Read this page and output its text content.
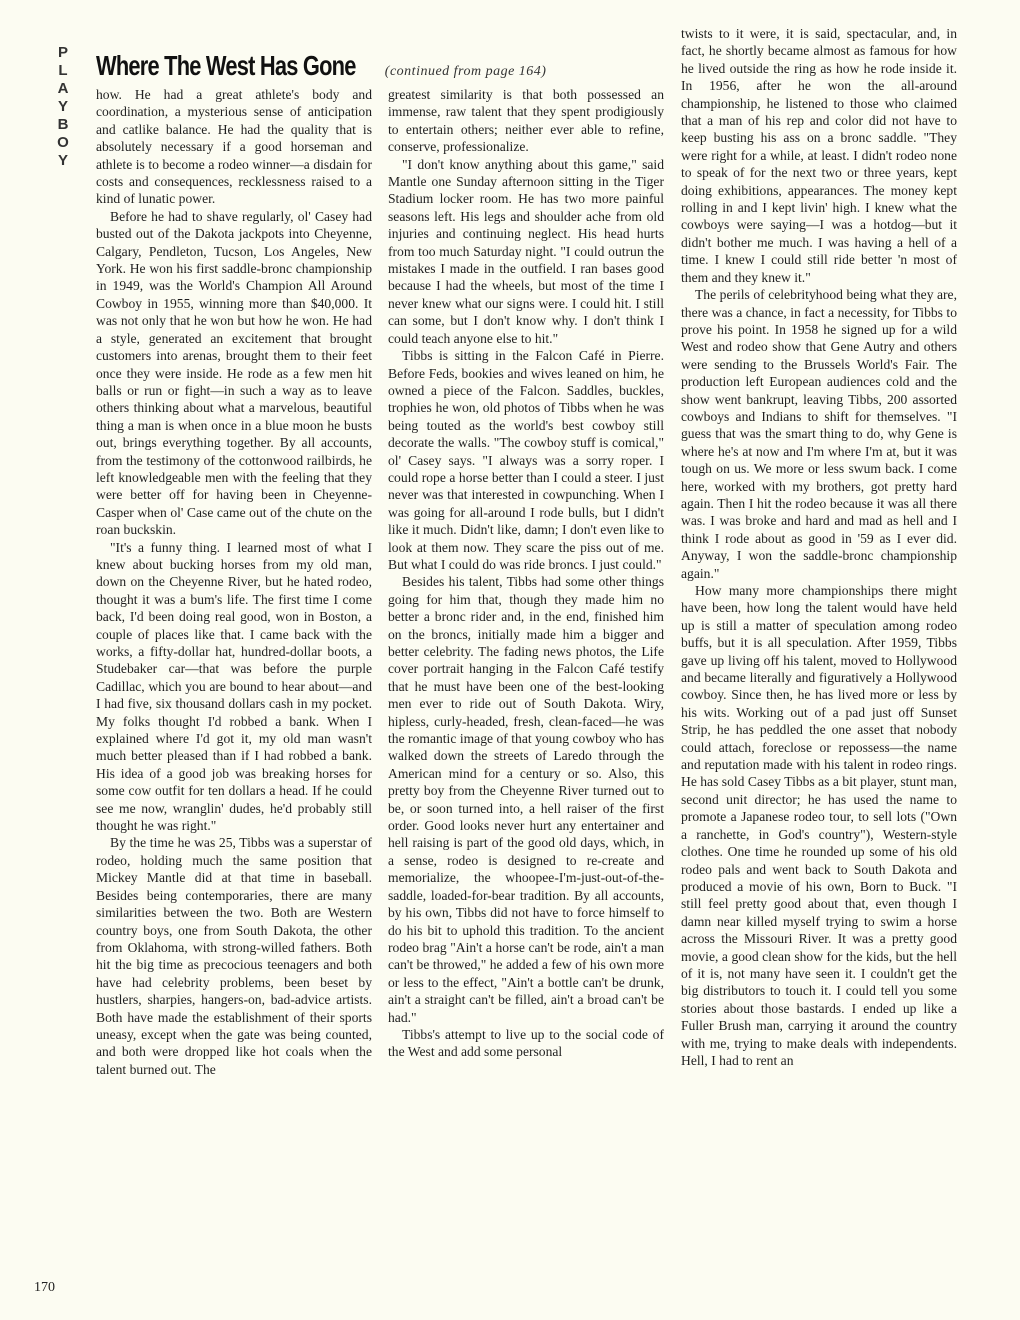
P
L
A
Y
B
O
Y
Where The West Has Gone (continued from page 164)

how. He had a great athlete's body and coordination, a mysterious sense of anticipation and catlike balance. He had the quality that is absolutely necessary if a good horseman and athlete is to become a rodeo winner—a disdain for costs and consequences, recklessness raised to a kind of lunatic power.

Before he had to shave regularly, ol' Casey had busted out of the Dakota jackpots into Cheyenne, Calgary, Pendleton, Tucson, Los Angeles, New York. He won his first saddle-bronc championship in 1949, was the World's Champion All Around Cowboy in 1955, winning more than $40,000. It was not only that he won but how he won. He had a style, generated an excitement that brought customers into arenas, brought them to their feet once they were inside. He rode as a few men hit balls or run or fight—in such a way as to leave others thinking about what a marvelous, beautiful thing a man is when once in a blue moon he busts out, brings everything together. By all accounts, from the testimony of the cottonwood railbirds, he left knowledgeable men with the feeling that they were better off for having been in Cheyenne-Casper when ol' Case came out of the chute on the roan buckskin.

"It's a funny thing. I learned most of what I knew about bucking horses from my old man, down on the Cheyenne River, but he hated rodeo, thought it was a bum's life. The first time I come back, I'd been doing real good, won in Boston, a couple of places like that. I came back with the works, a fifty-dollar hat, hundred-dollar boots, a Studebaker car—that was before the purple Cadillac, which you are bound to hear about—and I had five, six thousand dollars cash in my pocket. My folks thought I'd robbed a bank. When I explained where I'd got it, my old man wasn't much better pleased than if I had robbed a bank. His idea of a good job was breaking horses for some cow outfit for ten dollars a head. If he could see me now, wranglin' dudes, he'd probably still thought he was right."

By the time he was 25, Tibbs was a superstar of rodeo, holding much the same position that Mickey Mantle did at that time in baseball. Besides being contemporaries, there are many similarities between the two. Both are Western country boys, one from South Dakota, the other from Oklahoma, with strong-willed fathers. Both hit the big time as precocious teenagers and both have had celebrity problems, been beset by hustlers, sharpies, hangers-on, bad-advice artists. Both have made the establishment of their sports uneasy, except when the gate was being counted, and both were dropped like hot coals when the talent burned out. The

greatest similarity is that both possessed an immense, raw talent that they spent prodigiously to entertain others; neither ever able to refine, conserve, professionalize.

"I don't know anything about this game," said Mantle one Sunday afternoon sitting in the Tiger Stadium locker room. He has two more painful seasons left. His legs and shoulder ache from old injuries and continuing neglect. His head hurts from too much Saturday night. "I could outrun the mistakes I made in the outfield. I ran bases good because I had the wheels, but most of the time I never knew what our signs were. I could hit. I still can some, but I don't know why. I don't think I could teach anyone else to hit."

Tibbs is sitting in the Falcon Café in Pierre. Before Feds, bookies and wives leaned on him, he owned a piece of the Falcon. Saddles, buckles, trophies he won, old photos of Tibbs when he was being touted as the world's best cowboy still decorate the walls. "The cowboy stuff is comical," ol' Casey says. "I always was a sorry roper. I could rope a horse better than I could a steer. I just never was that interested in cowpunching. When I was going for all-around I rode bulls, but I didn't like it much. Didn't like, damn; I don't even like to look at them now. They scare the piss out of me. But what I could do was ride broncs. I just could."

Besides his talent, Tibbs had some other things going for him that, though they made him no better a bronc rider and, in the end, finished him on the broncs, initially made him a bigger and better celebrity. The fading news photos, the Life cover portrait hanging in the Falcon Café testify that he must have been one of the best-looking men ever to ride out of South Dakota. Wiry, hipless, curly-headed, fresh, clean-faced—he was the romantic image of that young cowboy who has walked down the streets of Laredo through the American mind for a century or so. Also, this pretty boy from the Cheyenne River turned out to be, or soon turned into, a hell raiser of the first order. Good looks never hurt any entertainer and hell raising is part of the good old days, which, in a sense, rodeo is designed to re-create and memorialize, the whoopee-I'm-just-out-of-the-saddle, loaded-for-bear tradition. By all accounts, by his own, Tibbs did not have to force himself to do his bit to uphold this tradition. To the ancient rodeo brag "Ain't a horse can't be rode, ain't a man can't be throwed," he added a few of his own more or less to the effect, "Ain't a bottle can't be drunk, ain't a straight can't be filled, ain't a broad can't be had."

Tibbs's attempt to live up to the social code of the West and add some personal

twists to it were, it is said, spectacular, and, in fact, he shortly became almost as famous for how he lived outside the ring as how he rode inside it. In 1956, after he won the all-around championship, he listened to those who claimed that a man of his rep and color did not have to keep busting his ass on a bronc saddle. "They were right for a while, at least. I didn't rodeo none to speak of for the next two or three years, kept doing exhibitions, appearances. The money kept rolling in and I kept livin' high. I knew what the cowboys were saying—I was a hotdog—but it didn't bother me much. I was having a hell of a time. I knew I could still ride better 'n most of them and they knew it."

The perils of celebrityhood being what they are, there was a chance, in fact a necessity, for Tibbs to prove his point. In 1958 he signed up for a wild West and rodeo show that Gene Autry and others were sending to the Brussels World's Fair. The production left European audiences cold and the show went bankrupt, leaving Tibbs, 200 assorted cowboys and Indians to shift for themselves. "I guess that was the smart thing to do, why Gene is where he's at now and I'm where I'm at, but it was tough on us. We more or less swum back. I come here, worked with my brothers, got pretty hard again. Then I hit the rodeo because it was all there was. I was broke and hard and mad as hell and I think I rode about as good in '59 as I ever did. Anyway, I won the saddle-bronc championship again."

How many more championships there might have been, how long the talent would have held up is still a matter of speculation among rodeo buffs, but it is all speculation. After 1959, Tibbs gave up living off his talent, moved to Hollywood and became literally and figuratively a Hollywood cowboy. Since then, he has lived more or less by his wits. Working out of a pad just off Sunset Strip, he has peddled the one asset that nobody could attach, foreclose or repossess—the name and reputation made with his talent in rodeo rings. He has sold Casey Tibbs as a bit player, stunt man, second unit director; he has used the name to promote a Japanese rodeo tour, to sell lots ("Own a ranchette, in God's country"), Western-style clothes. One time he rounded up some of his old rodeo pals and went back to South Dakota and produced a movie of his own, Born to Buck. "I still feel pretty good about that, even though I damn near killed myself trying to swim a horse across the Missouri River. It was a pretty good movie, a good clean show for the kids, but the hell of it is, not many have seen it. I couldn't get the big distributors to touch it. I could tell you some stories about those bastards. I ended up like a Fuller Brush man, carrying it around the country with me, trying to make deals with independents. Hell, I had to rent an

170
